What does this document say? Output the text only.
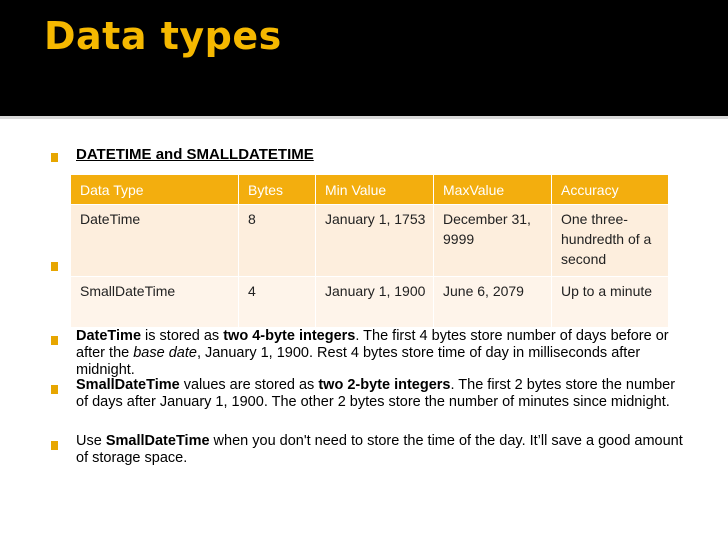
Data types
DATETIME and SMALLDATETIME
Data Type	Bytes	Min Value	MaxValue	Accuracy
DateTime	8	January 1, 1753	December 31, 9999	One three-hundredth of a second
SmallDateTime	4	January 1, 1900	June 6, 2079	Up to a minute
DateTime is stored as two 4-byte integers. The first 4 bytes store number of days before or after the base date, January 1, 1900. Rest 4 bytes store time of day in milliseconds after midnight.
SmallDateTime values are stored as two 2-byte integers. The first 2 bytes store the number of days after January 1, 1900. The other 2 bytes store the number of minutes since midnight.
Use SmallDateTime when you don't need to store the time of the day. It’ll save a good amount of storage space.
